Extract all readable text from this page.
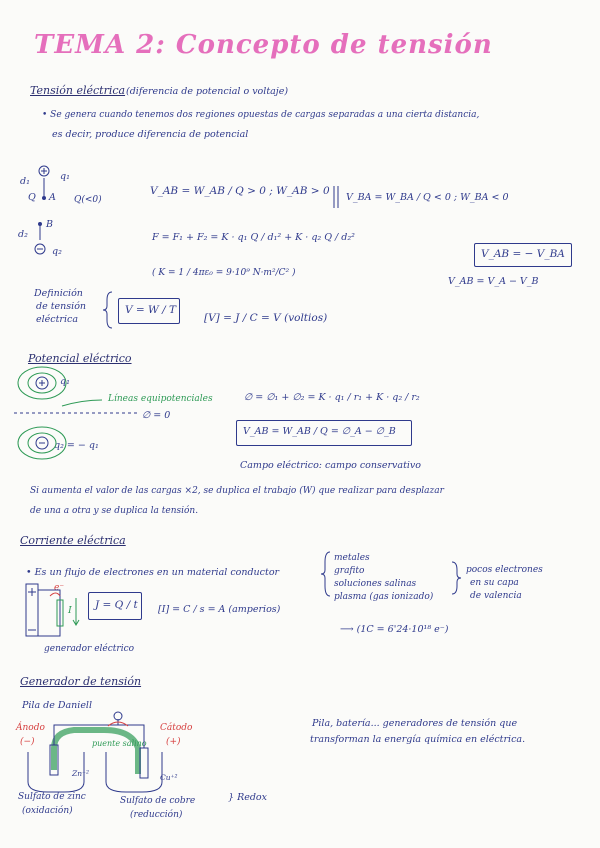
TEMA 2: Concepto de tensión
Tensión eléctrica (diferencia de potencial o voltaje)
• Se genera cuando tenemos dos regiones opuestas de cargas separadas a una cierta distancia,
es decir, produce diferencia de potencial
d₁	q₁
Q A Q(<0)
B
d₂
q₂
V_AB = W_AB / Q > 0 ; W_AB > 0
V_BA = W_BA / Q < 0 ; W_BA < 0
F = F₁ + F₂ = K · q₁ Q / d₁² + K · q₂ Q / d₂²
( K = 1 / 4πε₀ = 9·10⁹ N·m²/C² )
V_AB = − V_BA
V_AB = V_A − V_B
Definición
de tensión
eléctrica
V = W / T
[V] = J / C = V (voltios)
Potencial eléctrico
q₁
Líneas equipotenciales
∅ = 0
q₂ = − q₁
∅ = ∅₁ + ∅₂ = K · q₁ / r₁ + K · q₂ / r₂
V_AB = W_AB / Q = ∅_A − ∅_B
Campo eléctrico: campo conservativo
Si aumenta el valor de las cargas ×2, se duplica el trabajo (W) que realizar para desplazar
de una a otra y se duplica la tensión.
Corriente eléctrica
• Es un flujo de electrones en un material conductor
metales
grafito
soluciones salinas
plasma (gas ionizado)
pocos electrones
en su capa
de valencia
e⁻
I J = Q / t [I] = C / s = A (amperios)
⟶ (1C = 6'24·10¹⁸ e⁻)
generador eléctrico
Generador de tensión
Pila de Daniell
Ánodo
(−)
Cátodo
(+)
puente salino
Zn⁺²	Cu⁺²
Sulfato de zinc
(oxidación)
Sulfato de cobre
(reducción)
} Redox
Pila, batería... generadores de tensión que
transforman la energía química en eléctrica.
